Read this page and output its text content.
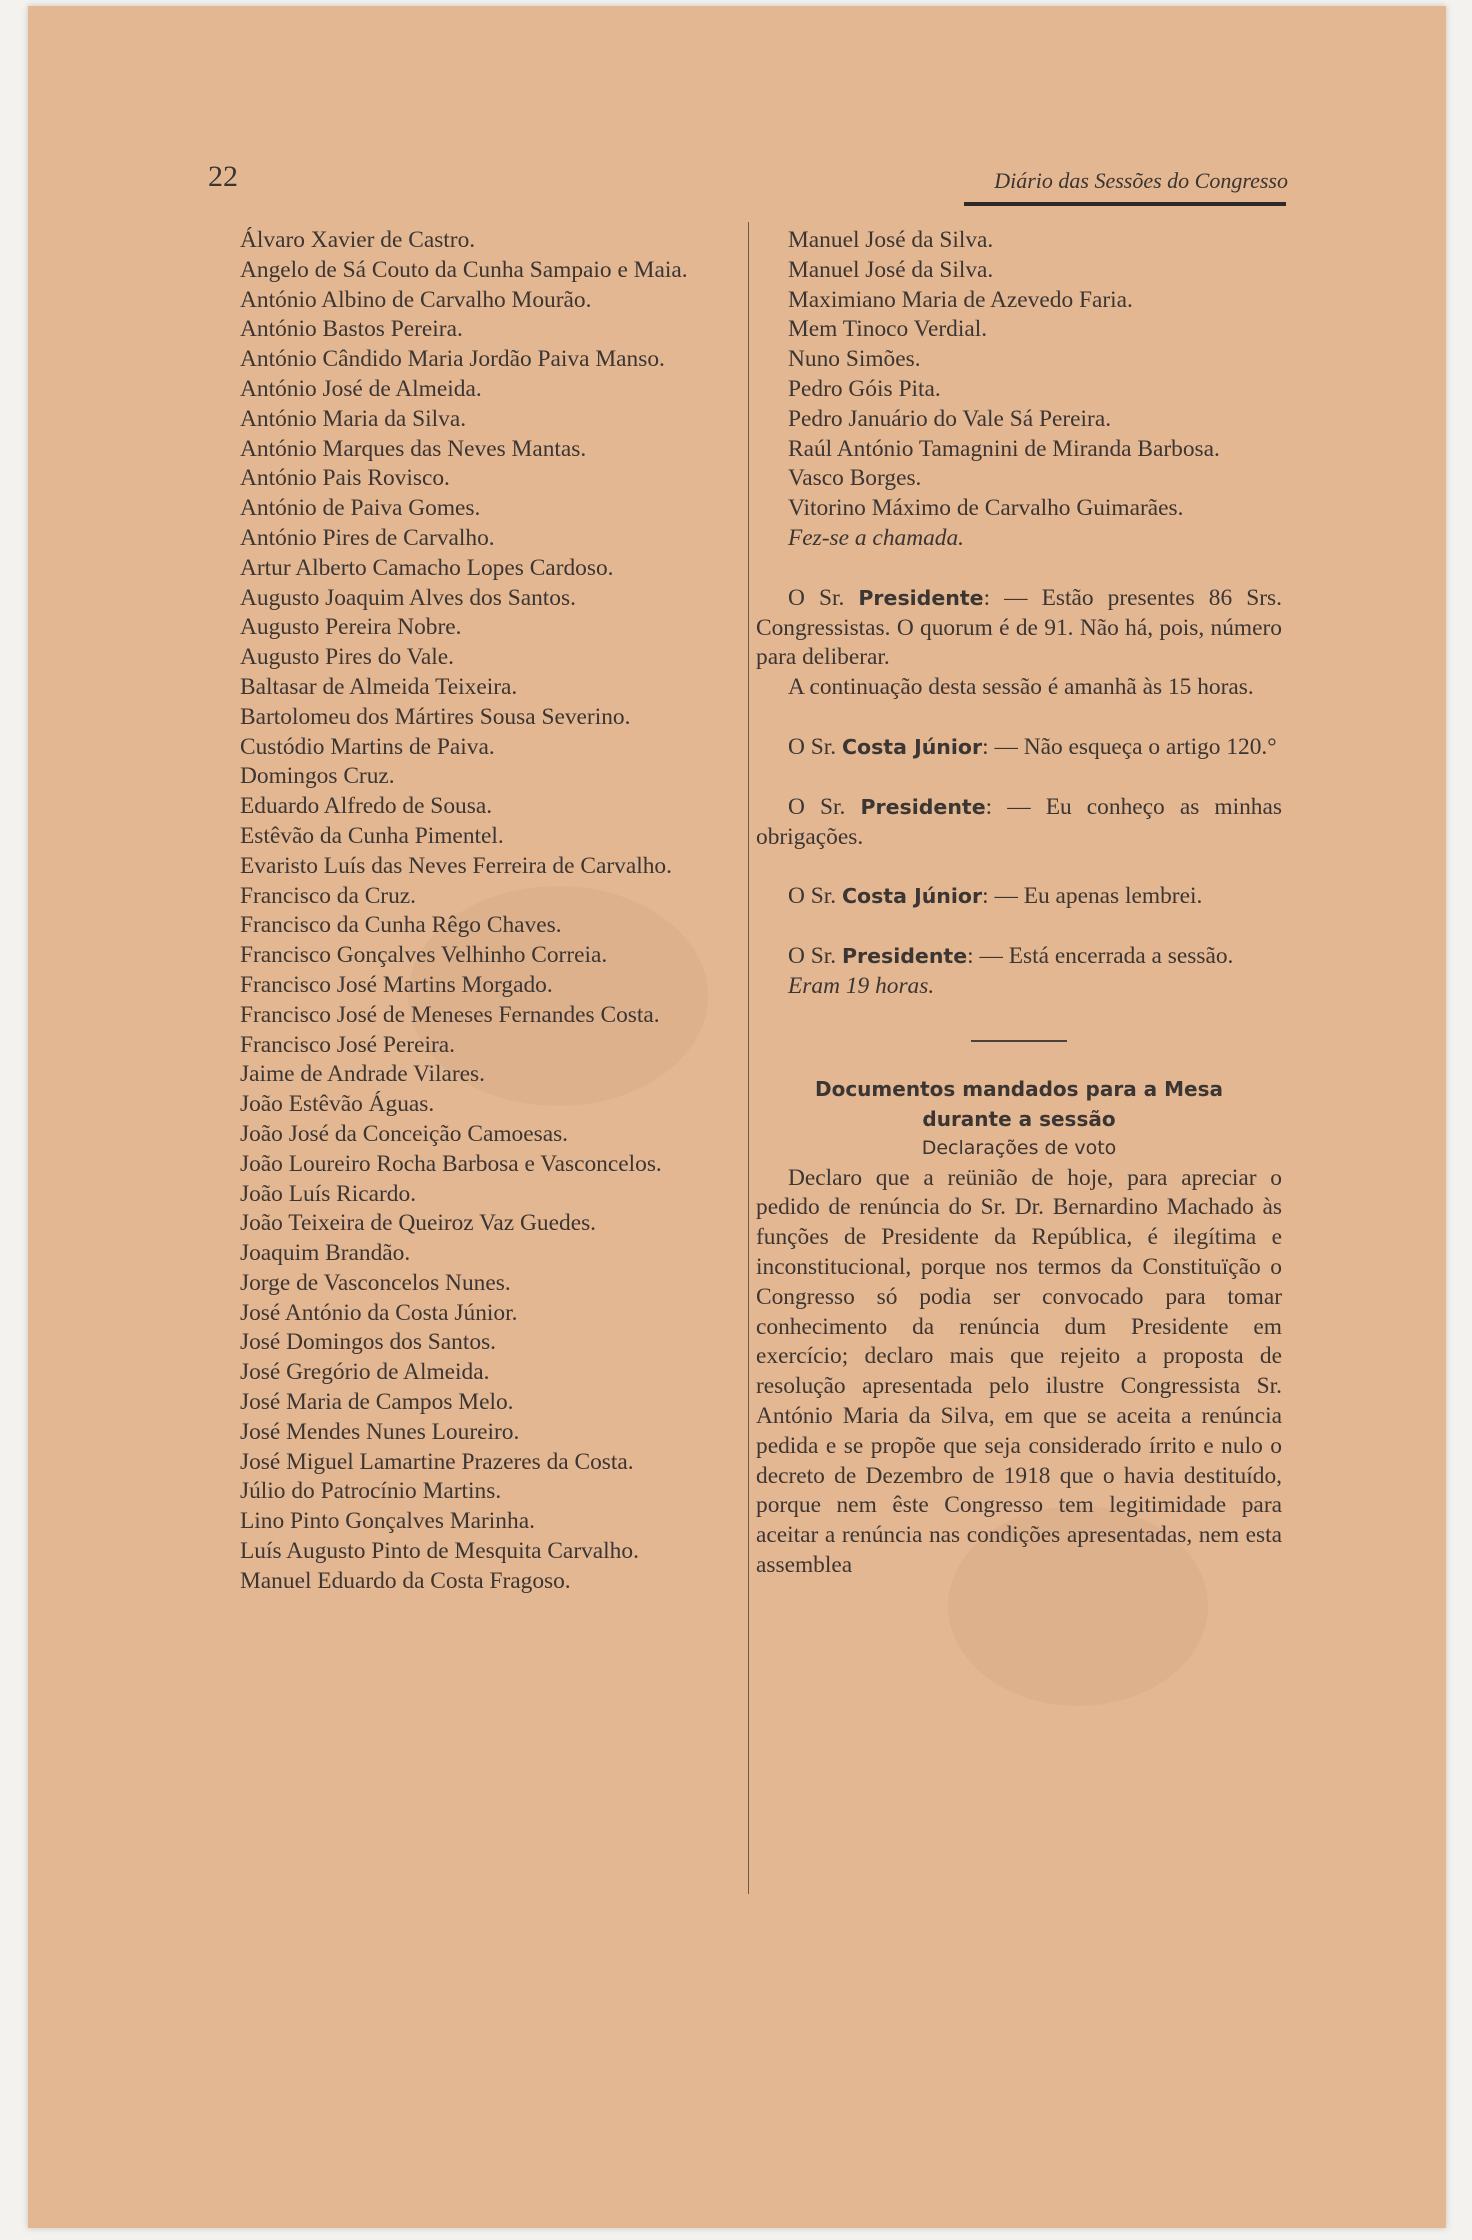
22	Diário das Sessões do Congresso

Álvaro Xavier de Castro.

Angelo de Sá Couto da Cunha Sampaio e Maia.

António Albino de Carvalho Mourão.

António Bastos Pereira.

António Cândido Maria Jordão Paiva Manso.

António José de Almeida.

António Maria da Silva.

António Marques das Neves Mantas.

António Pais Rovisco.

António de Paiva Gomes.

António Pires de Carvalho.

Artur Alberto Camacho Lopes Cardoso.

Augusto Joaquim Alves dos Santos.

Augusto Pereira Nobre.

Augusto Pires do Vale.

Baltasar de Almeida Teixeira.

Bartolomeu dos Mártires Sousa Severino.

Custódio Martins de Paiva.

Domingos Cruz.

Eduardo Alfredo de Sousa.

Estêvão da Cunha Pimentel.

Evaristo Luís das Neves Ferreira de Carvalho.

Francisco da Cruz.

Francisco da Cunha Rêgo Chaves.

Francisco Gonçalves Velhinho Correia.

Francisco José Martins Morgado.

Francisco José de Meneses Fernandes Costa.

Francisco José Pereira.

Jaime de Andrade Vilares.

João Estêvão Águas.

João José da Conceição Camoesas.

João Loureiro Rocha Barbosa e Vasconcelos.

João Luís Ricardo.

João Teixeira de Queiroz Vaz Guedes.

Joaquim Brandão.

Jorge de Vasconcelos Nunes.

José António da Costa Júnior.

José Domingos dos Santos.

José Gregório de Almeida.

José Maria de Campos Melo.

José Mendes Nunes Loureiro.

José Miguel Lamartine Prazeres da Costa.

Júlio do Patrocínio Martins.

Lino Pinto Gonçalves Marinha.

Luís Augusto Pinto de Mesquita Carvalho.

Manuel Eduardo da Costa Fragoso.

Manuel José da Silva.

Manuel José da Silva.

Maximiano Maria de Azevedo Faria.

Mem Tinoco Verdial.

Nuno Simões.

Pedro Góis Pita.

Pedro Januário do Vale Sá Pereira.

Raúl António Tamagnini de Miranda Barbosa.

Vasco Borges.

Vitorino Máximo de Carvalho Guimarães.

Fez-se a chamada.

O Sr. Presidente: — Estão presentes 86 Srs. Congressistas. O quorum é de 91. Não há, pois, número para deliberar.

A continuação desta sessão é amanhã às 15 horas.

O Sr. Costa Júnior: — Não esqueça o artigo 120.°

O Sr. Presidente: — Eu conheço as minhas obrigações.

O Sr. Costa Júnior: — Eu apenas lembrei.

O Sr. Presidente: — Está encerrada a sessão.

Eram 19 horas.

Documentos mandados para a Mesa

durante a sessão

Declarações de voto

Declaro que a reünião de hoje, para apreciar o pedido de renúncia do Sr. Dr. Bernardino Machado às funções de Presidente da República, é ilegítima e inconstitucional, porque nos termos da Constituïção o Congresso só podia ser convocado para tomar conhecimento da renúncia dum Presidente em exercício; declaro mais que rejeito a proposta de resolução apresentada pelo ilustre Congressista Sr. António Maria da Silva, em que se aceita a renúncia pedida e se propõe que seja considerado írrito e nulo o decreto de Dezembro de 1918 que o havia destituído, porque nem êste Congresso tem legitimidade para aceitar a renúncia nas condições apresentadas, nem esta assemblea
